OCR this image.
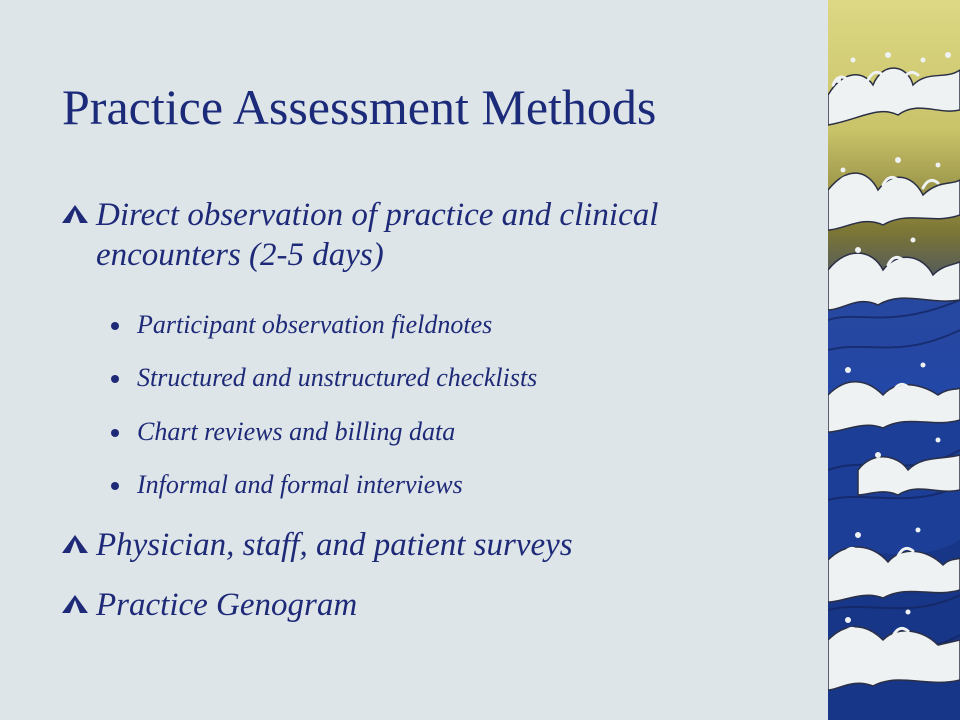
Practice Assessment Methods
Direct observation of practice and clinical encounters (2-5 days)
Participant observation fieldnotes
Structured and unstructured checklists
Chart reviews and billing data
Informal and formal interviews
Physician, staff, and patient surveys
Practice Genogram
